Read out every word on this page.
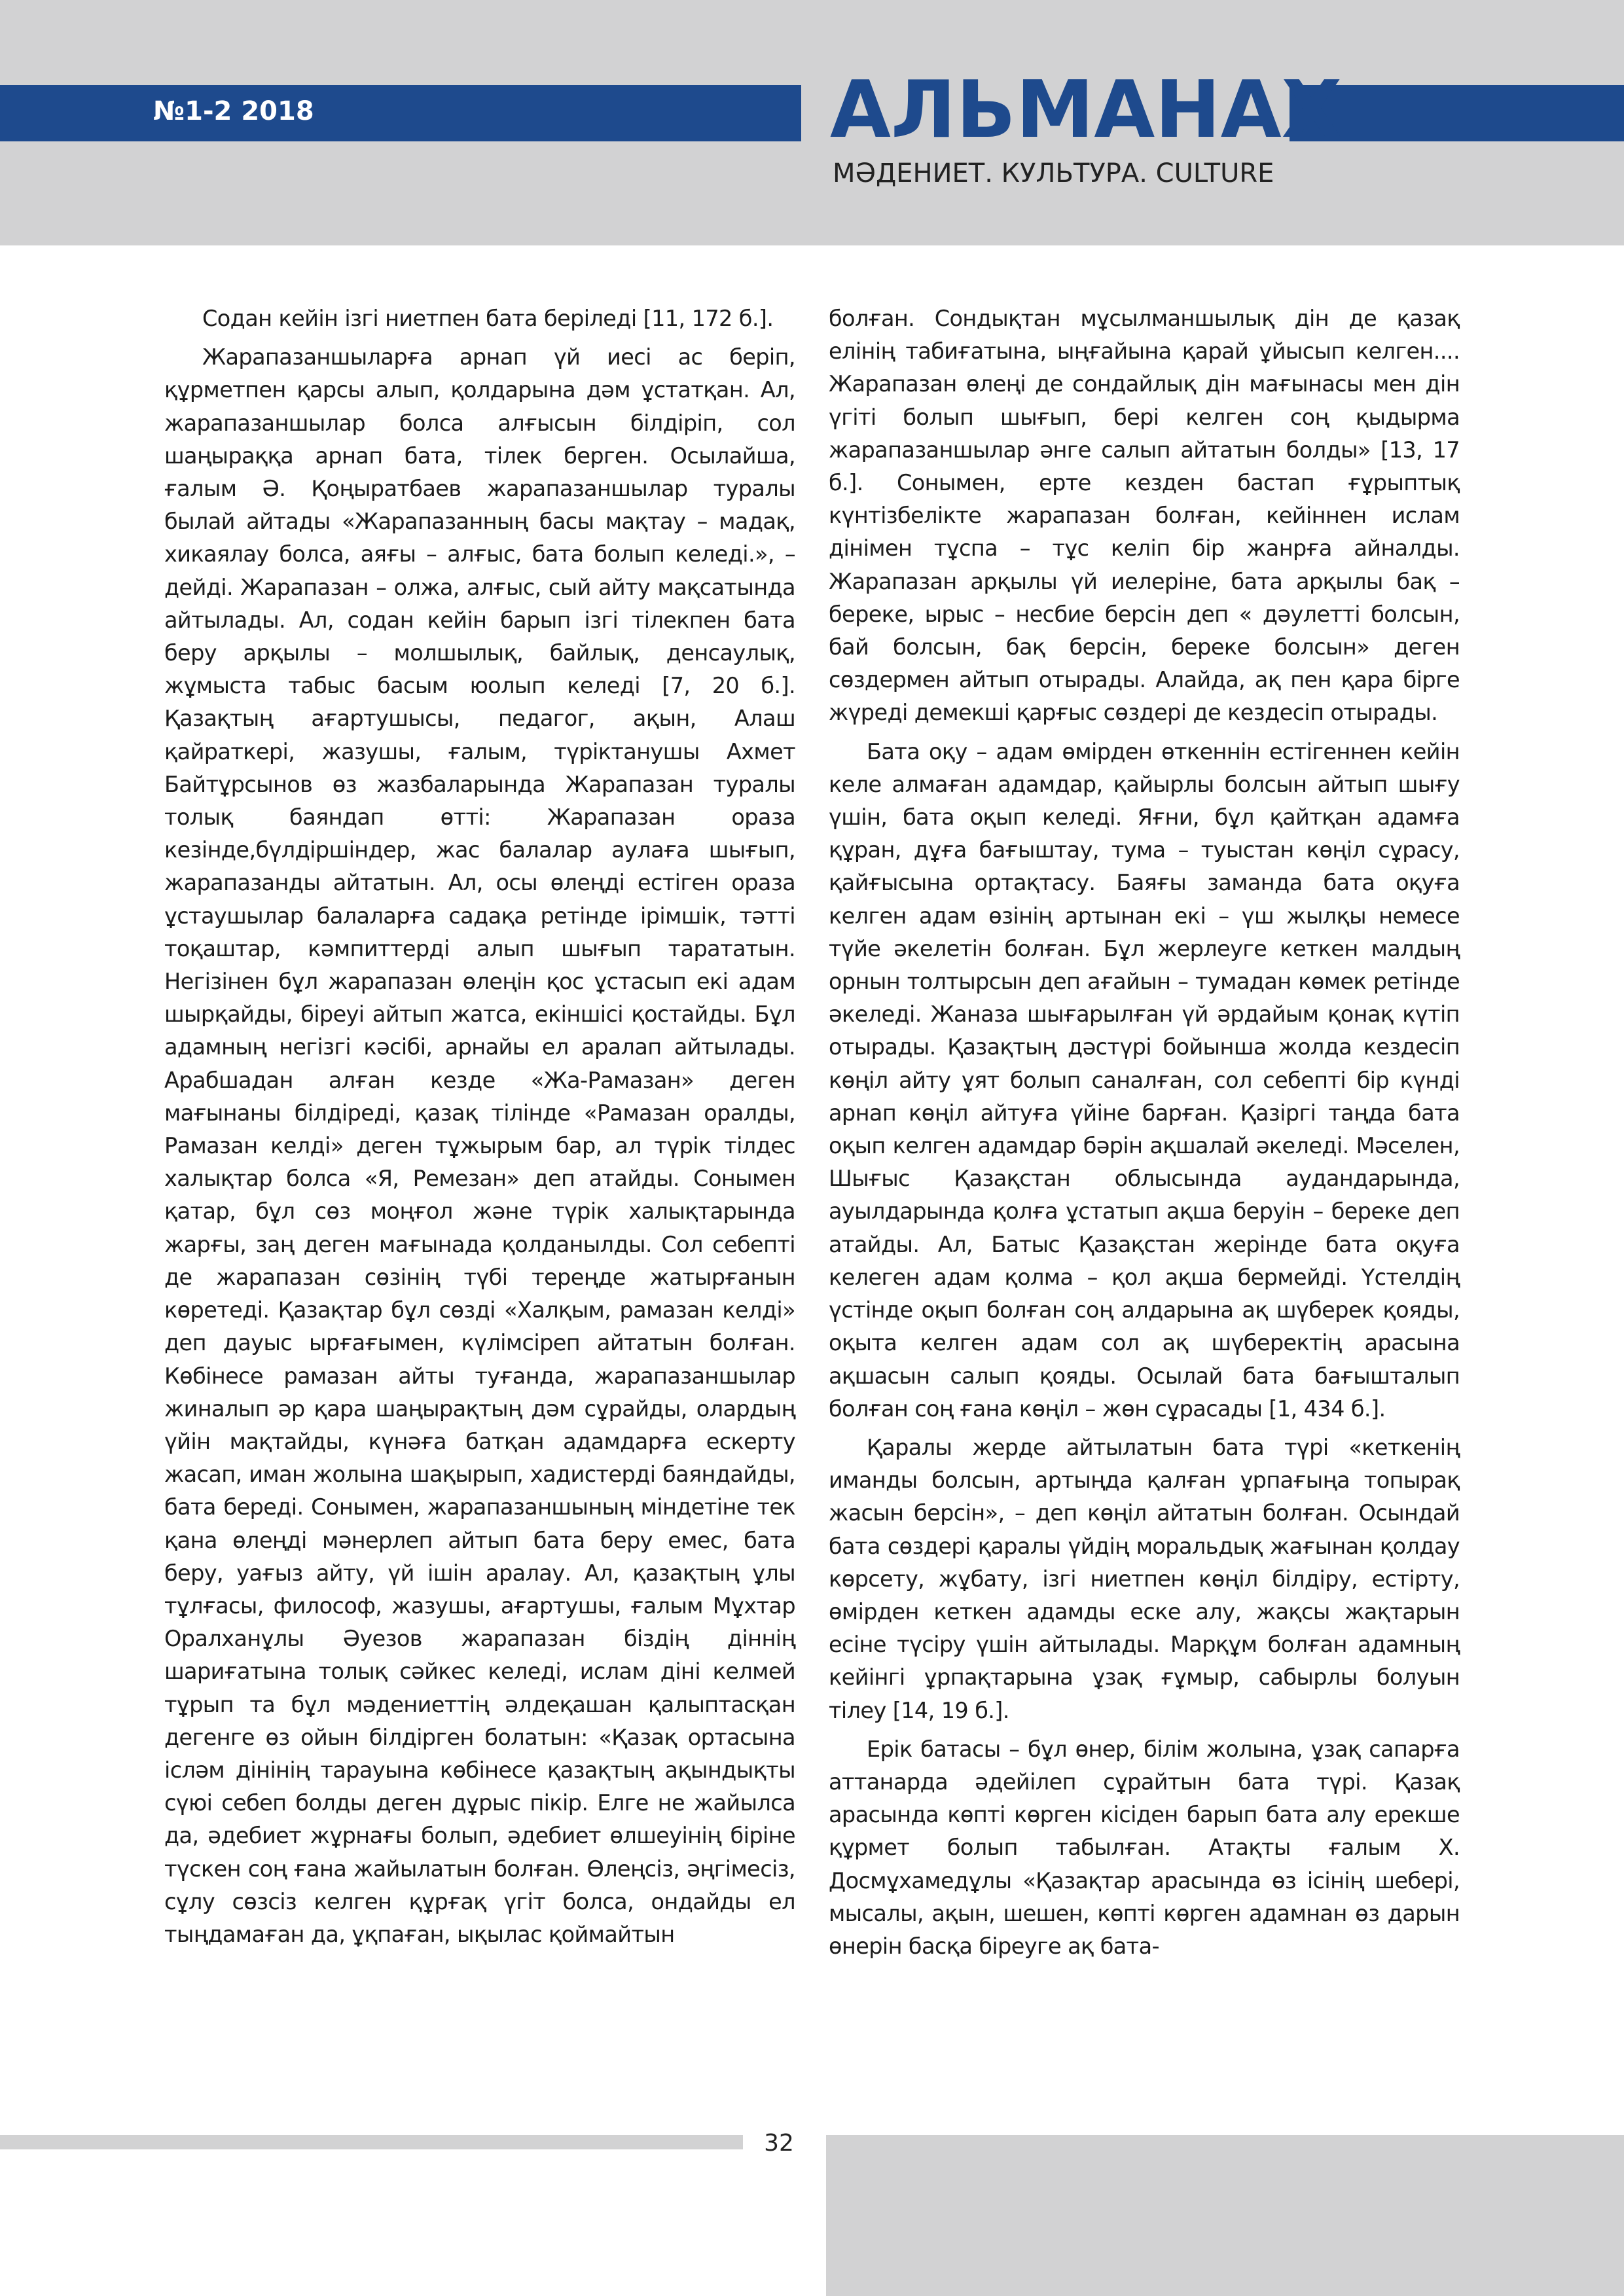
№1-2 2018	АЛЬМАНАХ
МӘДЕНИЕТ. КУЛЬТУРА. CULTURE

Содан кейін ізгі ниетпен бата беріледі [11, 172 б.].

Жарапазаншыларға арнап үй иесі ас беріп, құрметпен қарсы алып, қолдарына дәм ұстатқан. Ал, жарапазаншылар болса алғысын білдіріп, сол шаңыраққа арнап бата, тілек берген. Осылайша, ғалым Ә. Қоңыратбаев жарапазаншылар туралы былай айтады «Жарапазанның басы мақтау – мадақ, хикаялау болса, аяғы – алғыс, бата болып келеді.», – дейді. Жарапазан – олжа, алғыс, сый айту мақсатында айтылады. Ал, содан кейін барып ізгі тілекпен бата беру арқылы – молшылық, байлық, денсаулық, жұмыста табыс басым юолып келеді [7, 20 б.]. Қазақтың ағартушысы, педагог, ақын, Алаш қайраткері, жазушы, ғалым, түріктанушы Ахмет Байтұрсынов өз жазбаларында Жарапазан туралы толық баяндап өтті: Жарапазан ораза кезінде,бүлдіршіндер, жас балалар аулаға шығып, жарапазанды айтатын. Ал, осы өлеңді естіген ораза ұстаушылар балаларға садақа ретінде ірімшік, тәтті тоқаштар, кәмпиттерді алып шығып тарататын. Негізінен бұл жарапазан өлеңін қос ұстасып екі адам шырқайды, біреуі айтып жатса, екіншісі қостайды. Бұл адамның негізгі кәсібі, арнайы ел аралап айтылады. Арабшадан алған кезде «Жа-Рамазан» деген мағынаны білдіреді, қазақ тілінде «Рамазан оралды, Рамазан келді» деген тұжырым бар, ал түрік тілдес халықтар болса «Я, Ремезан» деп атайды. Сонымен қатар, бұл сөз моңғол және түрік халықтарында жарғы, заң деген мағынада қолданылды. Сол себепті де жарапазан сөзінің түбі тереңде жатырғанын көретеді. Қазақтар бұл сөзді «Халқым, рамазан келді» деп дауыс ырғағымен, күлімсіреп айтатын болған. Көбінесе рамазан айты туғанда, жарапазаншылар жиналып әр қара шаңырақтың дәм сұрайды, олардың үйін мақтайды, күнәға батқан адамдарға ескерту жасап, иман жолына шақырып, хадистерді баяндайды, бата береді. Сонымен, жарапазаншының міндетіне тек қана өлеңді мәнерлеп айтып бата беру емес, бата беру, уағыз айту, үй ішін аралау. Ал, қазақтың ұлы тұлғасы, философ, жазушы, ағартушы, ғалым Мұхтар Оралханұлы Әуезов жарапазан біздің діннің шариғатына толық сәйкес келеді, ислам діні келмей тұрып та бұл мәдениеттің әлдеқашан қалыптасқан дегенге өз ойын білдірген болатын: «Қазақ ортасына ісләм дінінің тарауына көбінесе қазақтың ақындықты сүюі себеп болды деген дұрыс пікір. Елге не жайылса да, әдебиет жұрнағы болып, әдебиет өлшеуінің біріне түскен соң ғана жайылатын болған. Өлеңсіз, әңгімесіз, сұлу сөзсіз келген құрғақ үгіт болса, ондайды ел тыңдамаған да, ұқпаған, ықылас қоймайтын

болған. Сондықтан мұсылманшылық дін де қазақ елінің табиғатына, ыңғайына қарай ұйысып келген.... Жарапазан өлеңі де сондайлық дін мағынасы мен дін үгіті болып шығып, бері келген соң қыдырма жарапазаншылар әнге салып айтатын болды» [13, 17 б.]. Сонымен, ерте кезден бастап ғұрыптық күнтізбелікте жарапазан болған, кейіннен ислам дінімен тұспа – тұс келіп бір жанрға айналды. Жарапазан арқылы үй иелеріне, бата арқылы бақ – береке, ырыс – несбие берсін деп « дәулетті болсын, бай болсын, бақ берсін, береке болсын» деген сөздермен айтып отырады. Алайда, ақ пен қара бірге жүреді демекші қарғыс сөздері де кездесіп отырады.

Бата оқу – адам өмірден өткеннін естігеннен кейін келе алмаған адамдар, қайырлы болсын айтып шығу үшін, бата оқып келеді. Яғни, бұл қайтқан адамға құран, дұға бағыштау, тума – туыстан көңіл сұрасу, қайғысына ортақтасу. Баяғы заманда бата оқуға келген адам өзінің артынан екі – үш жылқы немесе түйе әкелетін болған. Бұл жерлеуге кеткен малдың орнын толтырсын деп ағайын – тумадан көмек ретінде әкеледі. Жаназа шығарылған үй әрдайым қонақ күтіп отырады. Қазақтың дәстүрі бойынша жолда кездесіп көңіл айту ұят болып саналған, сол себепті бір күнді арнап көңіл айтуға үйіне барған. Қазіргі таңда бата оқып келген адамдар бәрін ақшалай әкеледі. Мәселен, Шығыс Қазақстан облысында аудандарында, ауылдарында қолға ұстатып ақша беруін – береке деп атайды. Ал, Батыс Қазақстан жерінде бата оқуға келеген адам қолма – қол ақша бермейді. Үстелдің үстінде оқып болған соң алдарына ақ шүберек қояды, оқыта келген адам сол ақ шүберектің арасына ақшасын салып қояды. Осылай бата бағышталып болған соң ғана көңіл – жөн сұрасады [1, 434 б.].

Қаралы жерде айтылатын бата түрі «кеткенің иманды болсын, артыңда қалған ұрпағыңа топырақ жасын берсін», – деп көңіл айтатын болған. Осындай бата сөздері қаралы үйдің моральдық жағынан қолдау көрсету, жұбату, ізгі ниетпен көңіл білдіру, естірту, өмірден кеткен адамды еске алу, жақсы жақтарын есіне түсіру үшін айтылады. Марқұм болған адамның кейінгі ұрпақтарына ұзақ ғұмыр, сабырлы болуын тілеу [14, 19 б.].

Ерік батасы – бұл өнер, білім жолына, ұзақ сапарға аттанарда әдейілеп сұрайтын бата түрі. Қазақ арасында көпті көрген кісіден барып бата алу ерекше құрмет болып табылған. Атақты ғалым Х. Досмұхамедұлы «Қазақтар арасында өз ісінің шебері, мысалы, ақын, шешен, көпті көрген адамнан өз дарын өнерін басқа біреуге ақ бата-

32
